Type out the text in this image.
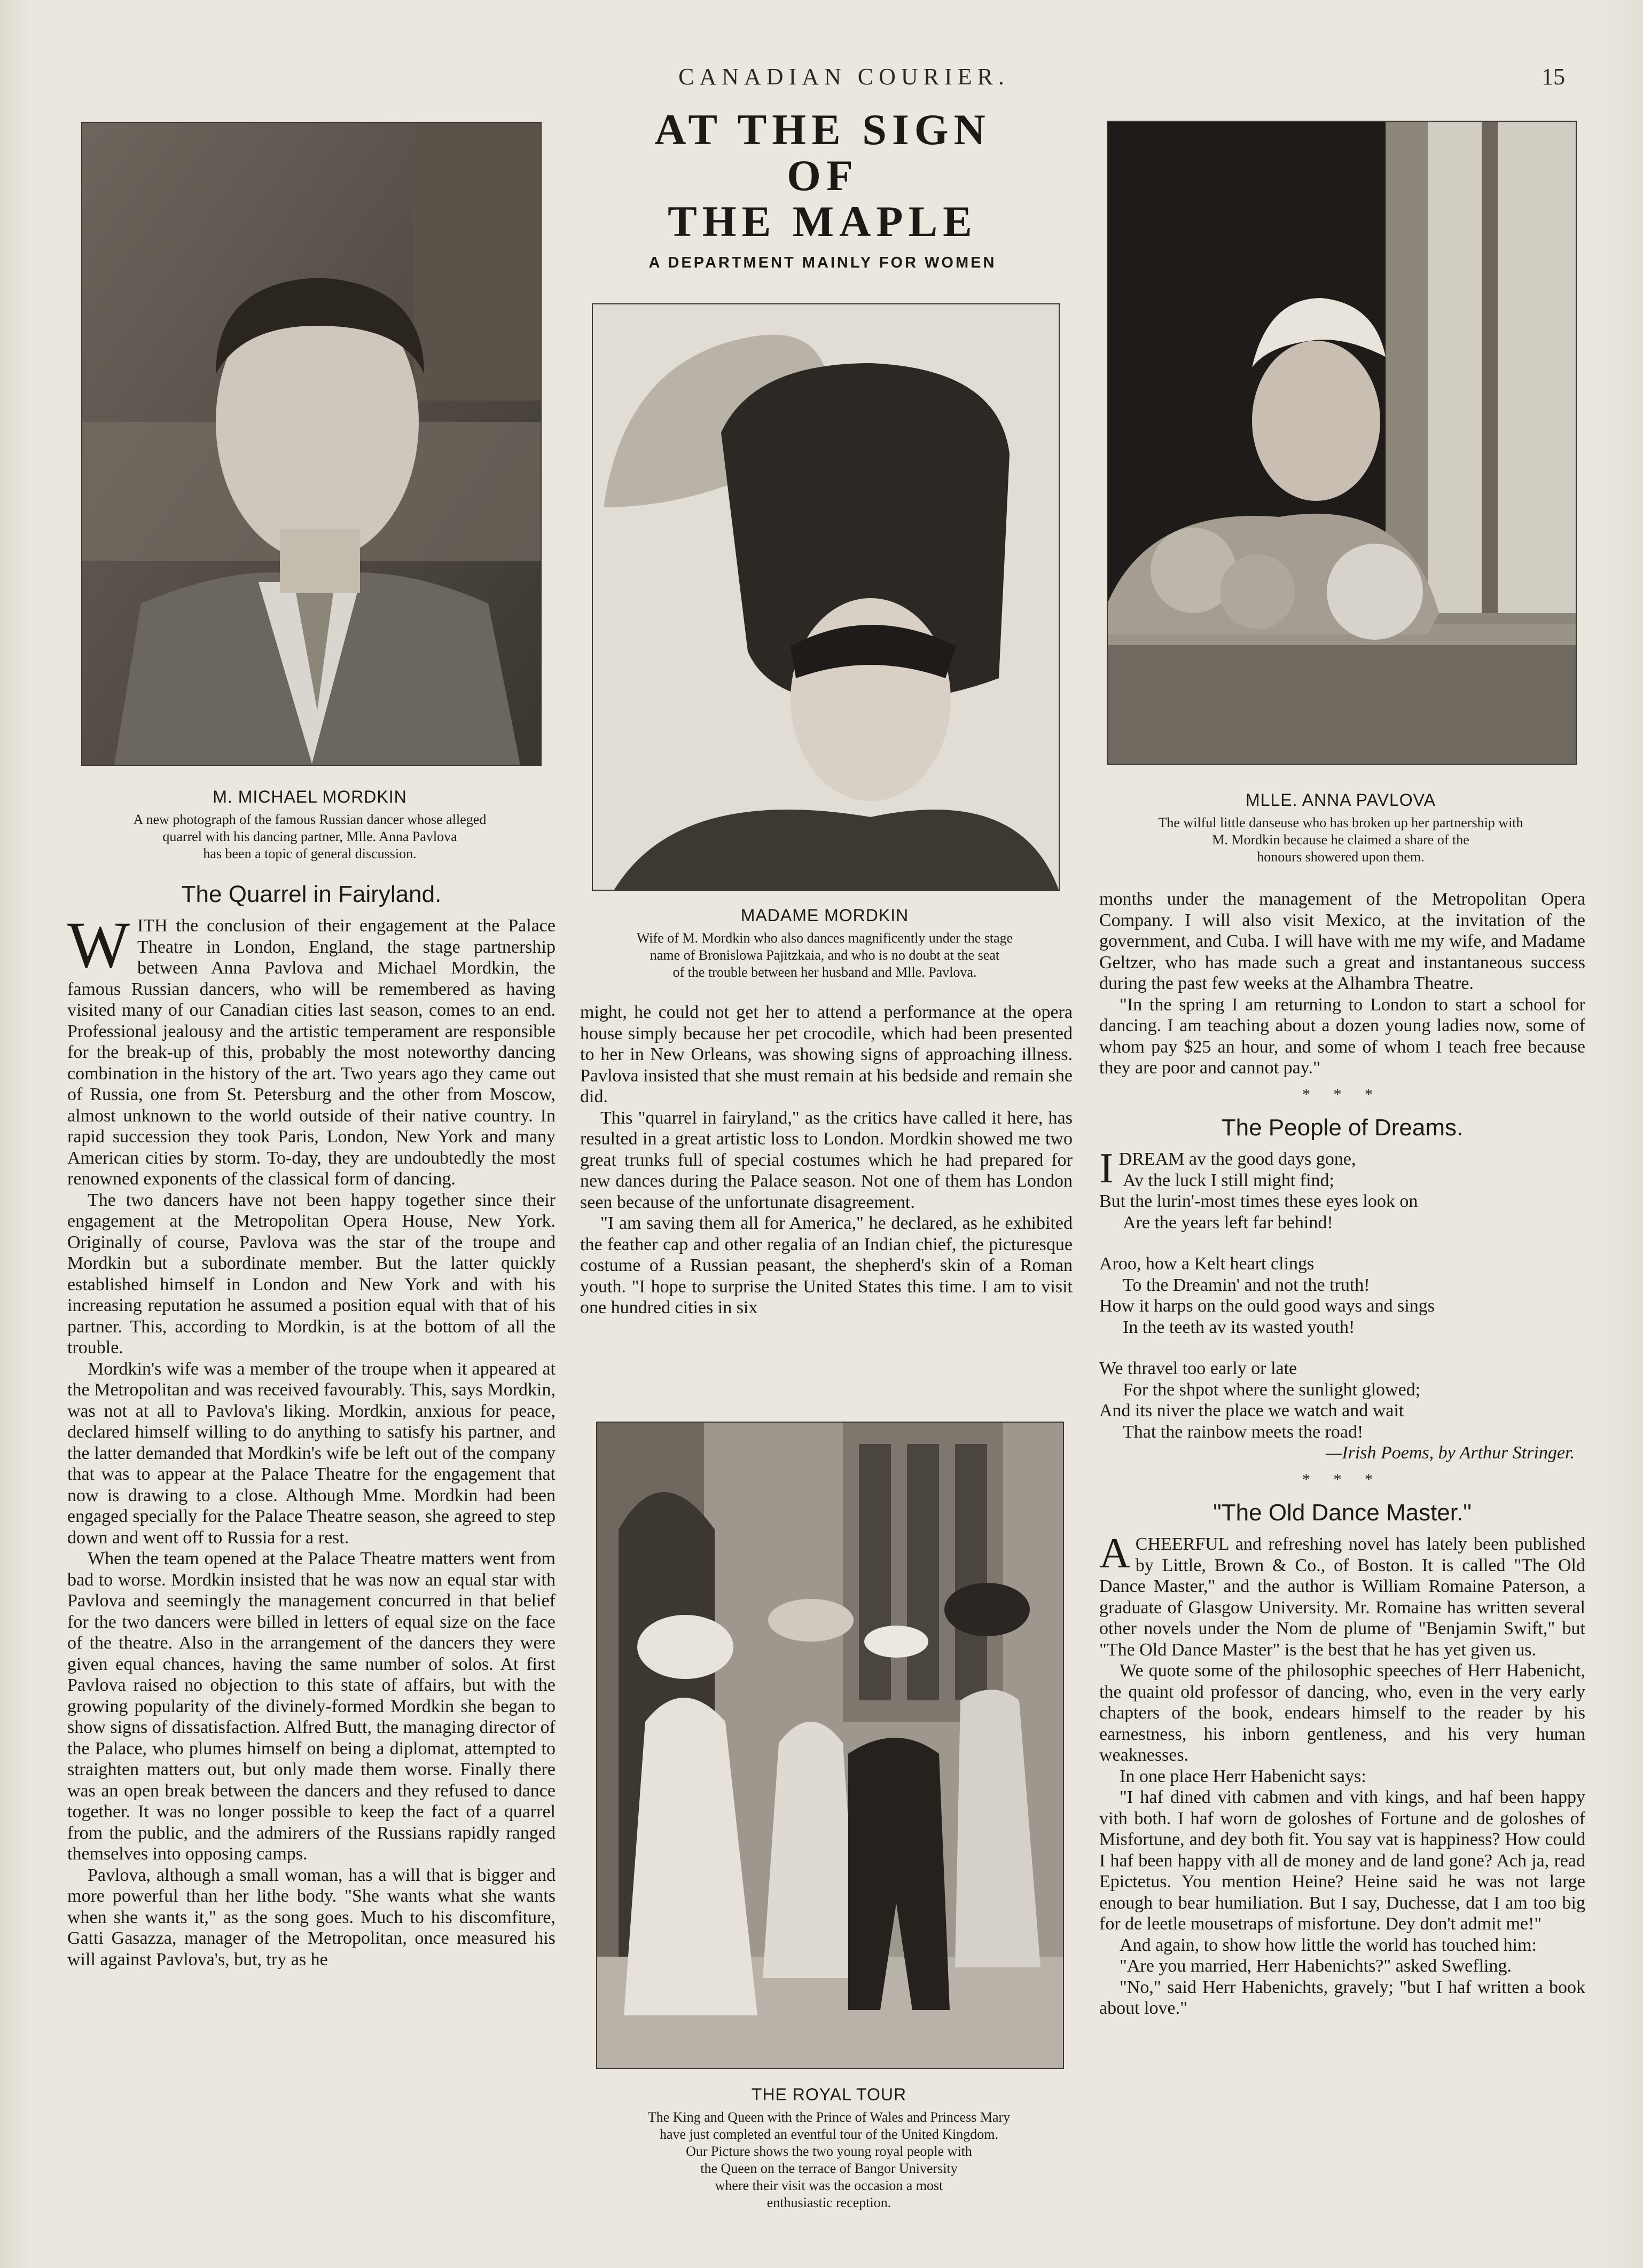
CANADIAN COURIER.	15
AT THE SIGN
OF
THE MAPLE
A DEPARTMENT MAINLY FOR WOMEN
M. MICHAEL MORDKIN
A new photograph of the famous Russian dancer whose alleged
quarrel with his dancing partner, Mlle. Anna Pavlova
has been a topic of general discussion.
MADAME MORDKIN
Wife of M. Mordkin who also dances magnificently under the stage
name of Bronislowa Pajitzkaia, and who is no doubt at the seat
of the trouble between her husband and Mlle. Pavlova.
MLLE. ANNA PAVLOVA
The wilful little danseuse who has broken up her partnership with
M. Mordkin because he claimed a share of the
honours showered upon them.
THE ROYAL TOUR
The King and Queen with the Prince of Wales and Princess Mary
have just completed an eventful tour of the United Kingdom.
Our Picture shows the two young royal people with
the Queen on the terrace of Bangor University
where their visit was the occasion a most
enthusiastic reception.
The Quarrel in Fairyland.

WITH the conclusion of their engagement at the Palace Theatre in London, England, the stage partnership between Anna Pavlova and Michael Mordkin, the famous Russian dancers, who will be remembered as having visited many of our Canadian cities last season, comes to an end. Professional jealousy and the artistic temperament are responsible for the break-up of this, probably the most noteworthy dancing combination in the history of the art. Two years ago they came out of Russia, one from St. Petersburg and the other from Moscow, almost unknown to the world outside of their native country. In rapid succession they took Paris, London, New York and many American cities by storm. To-day, they are undoubtedly the most renowned exponents of the classical form of dancing.

The two dancers have not been happy together since their engagement at the Metropolitan Opera House, New York. Originally of course, Pavlova was the star of the troupe and Mordkin but a subordinate member. But the latter quickly established himself in London and New York and with his increasing reputation he assumed a position equal with that of his partner. This, according to Mordkin, is at the bottom of all the trouble.

Mordkin's wife was a member of the troupe when it appeared at the Metropolitan and was received favourably. This, says Mordkin, was not at all to Pavlova's liking. Mordkin, anxious for peace, declared himself willing to do anything to satisfy his partner, and the latter demanded that Mordkin's wife be left out of the company that was to appear at the Palace Theatre for the engagement that now is drawing to a close. Although Mme. Mordkin had been engaged specially for the Palace Theatre season, she agreed to step down and went off to Russia for a rest.

When the team opened at the Palace Theatre matters went from bad to worse. Mordkin insisted that he was now an equal star with Pavlova and seemingly the management concurred in that belief for the two dancers were billed in letters of equal size on the face of the theatre. Also in the arrangement of the dancers they were given equal chances, having the same number of solos. At first Pavlova raised no objection to this state of affairs, but with the growing popularity of the divinely-formed Mordkin she began to show signs of dissatisfaction. Alfred Butt, the managing director of the Palace, who plumes himself on being a diplomat, attempted to straighten matters out, but only made them worse. Finally there was an open break between the dancers and they refused to dance together. It was no longer possible to keep the fact of a quarrel from the public, and the admirers of the Russians rapidly ranged themselves into opposing camps.

Pavlova, although a small woman, has a will that is bigger and more powerful than her lithe body. "She wants what she wants when she wants it," as the song goes. Much to his discomfiture, Gatti Gasazza, manager of the Metropolitan, once measured his will against Pavlova's, but, try as he

might, he could not get her to attend a performance at the opera house simply because her pet crocodile, which had been presented to her in New Orleans, was showing signs of approaching illness. Pavlova insisted that she must remain at his bedside and remain she did.

This "quarrel in fairyland," as the critics have called it here, has resulted in a great artistic loss to London. Mordkin showed me two great trunks full of special costumes which he had prepared for new dances during the Palace season. Not one of them has London seen because of the unfortunate disagreement.

"I am saving them all for America," he declared, as he exhibited the feather cap and other regalia of an Indian chief, the picturesque costume of a Russian peasant, the shepherd's skin of a Roman youth. "I hope to surprise the United States this time. I am to visit one hundred cities in six

months under the management of the Metropolitan Opera Company. I will also visit Mexico, at the invitation of the government, and Cuba. I will have with me my wife, and Madame Geltzer, who has made such a great and instantaneous success during the past few weeks at the Alhambra Theatre.

"In the spring I am returning to London to start a school for dancing. I am teaching about a dozen young ladies now, some of whom pay $25 an hour, and some of whom I teach free because they are poor and cannot pay."

* * *
The People of Dreams.
IDREAM av the good days gone,
Av the luck I still might find;
But the lurin'-most times these eyes look on
Are the years left far behind!
Aroo, how a Kelt heart clings
To the Dreamin' and not the truth!
How it harps on the ould good ways and sings
In the teeth av its wasted youth!
We thravel too early or late
For the shpot where the sunlight glowed;
And its niver the place we watch and wait
That the rainbow meets the road!
—Irish Poems, by Arthur Stringer.
* * *
"The Old Dance Master."

ACHEERFUL and refreshing novel has lately been published by Little, Brown & Co., of Boston. It is called "The Old Dance Master," and the author is William Romaine Paterson, a graduate of Glasgow University. Mr. Romaine has written several other novels under the Nom de plume of "Benjamin Swift," but "The Old Dance Master" is the best that he has yet given us.

We quote some of the philosophic speeches of Herr Habenicht, the quaint old professor of dancing, who, even in the very early chapters of the book, endears himself to the reader by his earnestness, his inborn gentleness, and his very human weaknesses.

In one place Herr Habenicht says:

"I haf dined vith cabmen and vith kings, and haf been happy vith both. I haf worn de goloshes of Fortune and de goloshes of Misfortune, and dey both fit. You say vat is happiness? How could I haf been happy vith all de money and de land gone? Ach ja, read Epictetus. You mention Heine? Heine said he was not large enough to bear humiliation. But I say, Duchesse, dat I am too big for de leetle mousetraps of misfortune. Dey don't admit me!"

And again, to show how little the world has touched him:

"Are you married, Herr Habenichts?" asked Swefling.

"No," said Herr Habenichts, gravely; "but I haf written a book about love."
